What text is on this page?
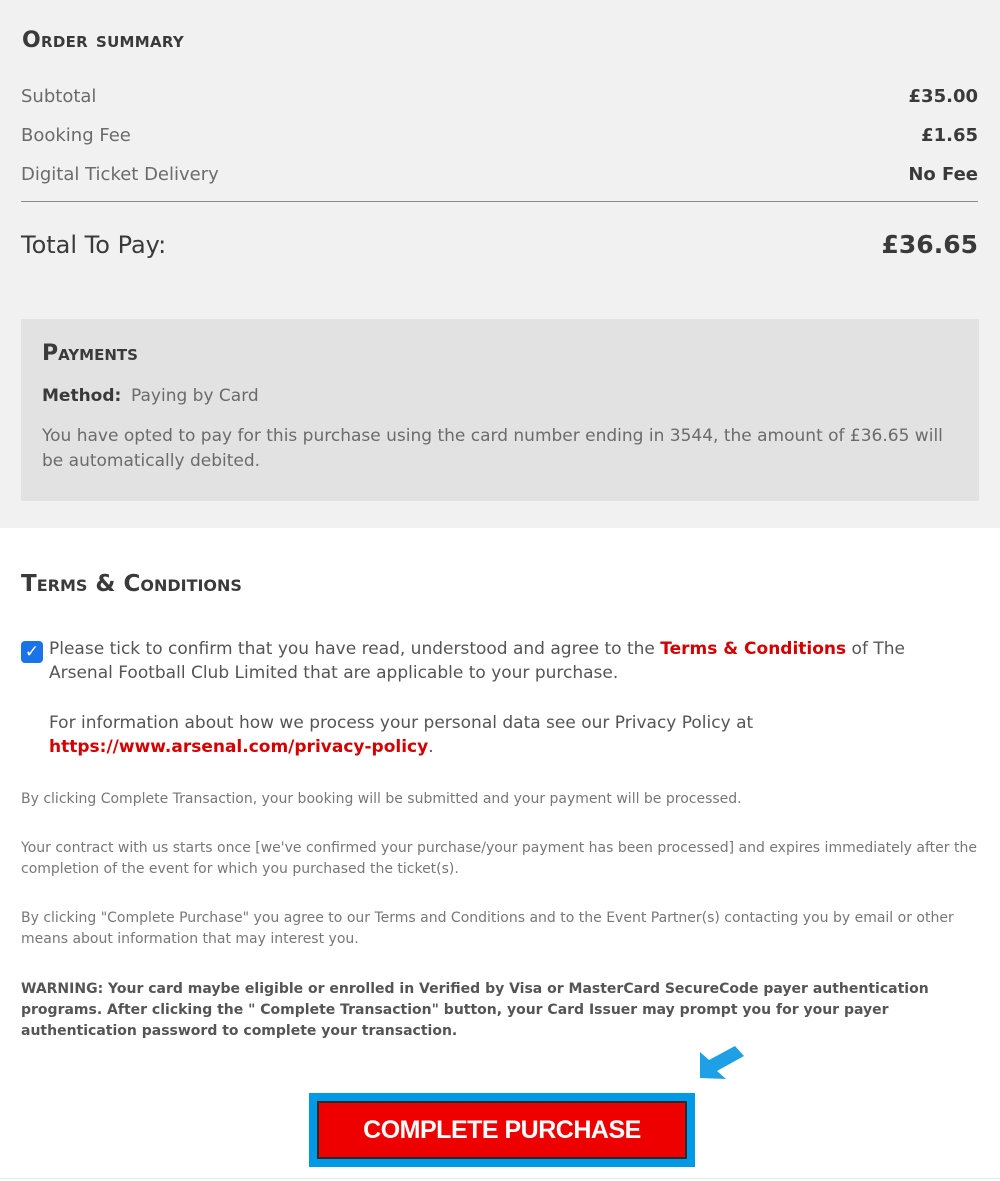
Order summary
Subtotal	£35.00
Booking Fee	£1.65
Digital Ticket Delivery	No Fee
Total To Pay:	£36.65
Payments
Method: Paying by Card
You have opted to pay for this purchase using the card number ending in 3544, the amount of £36.65 will be automatically debited.
Terms & Conditions
✓ Please tick to confirm that you have read, understood and agree to the Terms & Conditions of The Arsenal Football Club Limited that are applicable to your purchase.
For information about how we process your personal data see our Privacy Policy at
https://www.arsenal.com/privacy-policy.
By clicking Complete Transaction, your booking will be submitted and your payment will be processed.
Your contract with us starts once [we've confirmed your purchase/your payment has been processed] and expires immediately after the completion of the event for which you purchased the ticket(s).
By clicking "Complete Purchase" you agree to our Terms and Conditions and to the Event Partner(s) contacting you by email or other means about information that may interest you.
WARNING: Your card maybe eligible or enrolled in Verified by Visa or MasterCard SecureCode payer authentication programs. After clicking the " Complete Transaction" button, your Card Issuer may prompt you for your payer authentication password to complete your transaction.
COMPLETE PURCHASE
